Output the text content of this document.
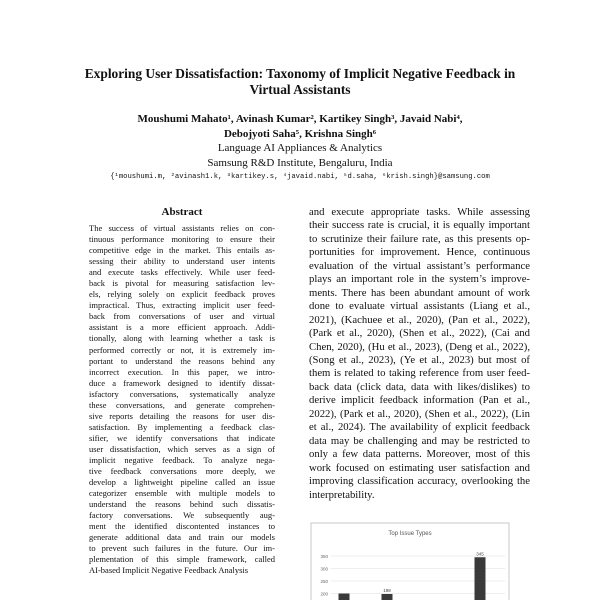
Exploring User Dissatisfaction: Taxonomy of Implicit Negative Feedback in
Virtual Assistants
Moushumi Mahato¹, Avinash Kumar², Kartikey Singh³, Javaid Nabi⁴,
Debojyoti Saha⁵, Krishna Singh⁶
Language AI Appliances & Analytics
Samsung R&D Institute, Bengaluru, India
{¹moushumi.m, ²avinash1.k, ³kartikey.s, ⁴javaid.nabi, ⁵d.saha, ⁶krish.singh}@samsung.com
Abstract
The success of virtual assistants relies on con-
tinuous performance monitoring to ensure their
competitive edge in the market. This entails as-
sessing their ability to understand user intents
and execute tasks effectively. While user feed-
back is pivotal for measuring satisfaction lev-
els, relying solely on explicit feedback proves
impractical. Thus, extracting implicit user feed-
back from conversations of user and virtual
assistant is a more efficient approach. Addi-
tionally, along with learning whether a task is
performed correctly or not, it is extremely im-
portant to understand the reasons behind any
incorrect execution. In this paper, we intro-
duce a framework designed to identify dissat-
isfactory conversations, systematically analyze
these conversations, and generate comprehen-
sive reports detailing the reasons for user dis-
satisfaction. By implementing a feedback clas-
sifier, we identify conversations that indicate
user dissatisfaction, which serves as a sign of
implicit negative feedback. To analyze nega-
tive feedback conversations more deeply, we
develop a lightweight pipeline called an issue
categorizer ensemble with multiple models to
understand the reasons behind such dissatis-
factory conversations. We subsequently aug-
ment the identified discontented instances to
generate additional data and train our models
to prevent such failures in the future. Our im-
plementation of this simple framework, called
AI-based Implicit Negative Feedback Analysis
and execute appropriate tasks. While assessing
their success rate is crucial, it is equally important
to scrutinize their failure rate, as this presents op-
portunities for improvement. Hence, continuous
evaluation of the virtual assistant’s performance
plays an important role in the system’s improve-
ments. There has been abundant amount of work
done to evaluate virtual assistants (Liang et al.,
2021), (Kachuee et al., 2020), (Pan et al., 2022),
(Park et al., 2020), (Shen et al., 2022), (Cai and
Chen, 2020), (Hu et al., 2023), (Deng et al., 2022),
(Song et al., 2023), (Ye et al., 2023) but most of
them is related to taking reference from user feed-
back data (click data, data with likes/dislikes) to
derive implicit feedback information (Pan et al.,
2022), (Park et al., 2020), (Shen et al., 2022), (Lin
et al., 2024). The availability of explicit feedback
data may be challenging and may be restricted to
only a few data patterns. Moreover, most of this
work focused on estimating user satisfaction and
improving classification accuracy, overlooking the
interpretability.
Top Issue Types
350
300
250
200
198
345
